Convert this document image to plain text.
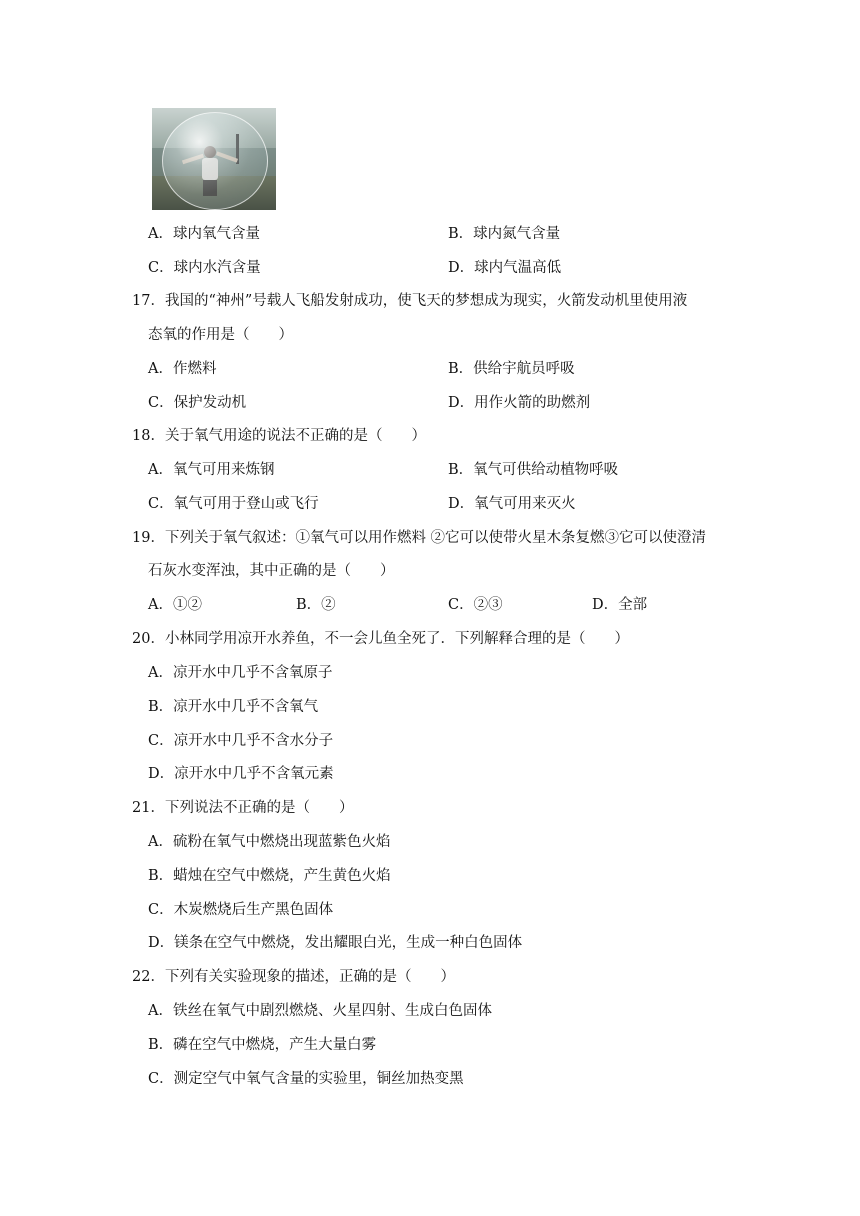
A．球内氧气含量	B．球内氮气含量
C．球内水汽含量	D．球内气温高低
17．我国的“神州”号载人飞船发射成功，使飞天的梦想成为现实，火箭发动机里使用液
态氧的作用是（　　）
A．作燃料	B．供给宇航员呼吸
C．保护发动机	D．用作火箭的助燃剂
18．关于氧气用途的说法不正确的是（　　）
A．氧气可用来炼钢	B．氧气可供给动植物呼吸
C．氧气可用于登山或飞行	D．氧气可用来灭火
19．下列关于氧气叙述：①氧气可以用作燃料 ②它可以使带火星木条复燃③它可以使澄清
石灰水变浑浊，其中正确的是（　　）
A．①②	B．②	C．②③	D．全部
20．小林同学用凉开水养鱼，不一会儿鱼全死了．下列解释合理的是（　　）
A．凉开水中几乎不含氧原子
B．凉开水中几乎不含氧气
C．凉开水中几乎不含水分子
D．凉开水中几乎不含氧元素
21．下列说法不正确的是（　　）
A．硫粉在氧气中燃烧出现蓝紫色火焰
B．蜡烛在空气中燃烧，产生黄色火焰
C．木炭燃烧后生产黑色固体
D．镁条在空气中燃烧，发出耀眼白光，生成一种白色固体
22．下列有关实验现象的描述，正确的是（　　）
A．铁丝在氧气中剧烈燃烧、火星四射、生成白色固体
B．磷在空气中燃烧，产生大量白雾
C．测定空气中氧气含量的实验里，铜丝加热变黑
